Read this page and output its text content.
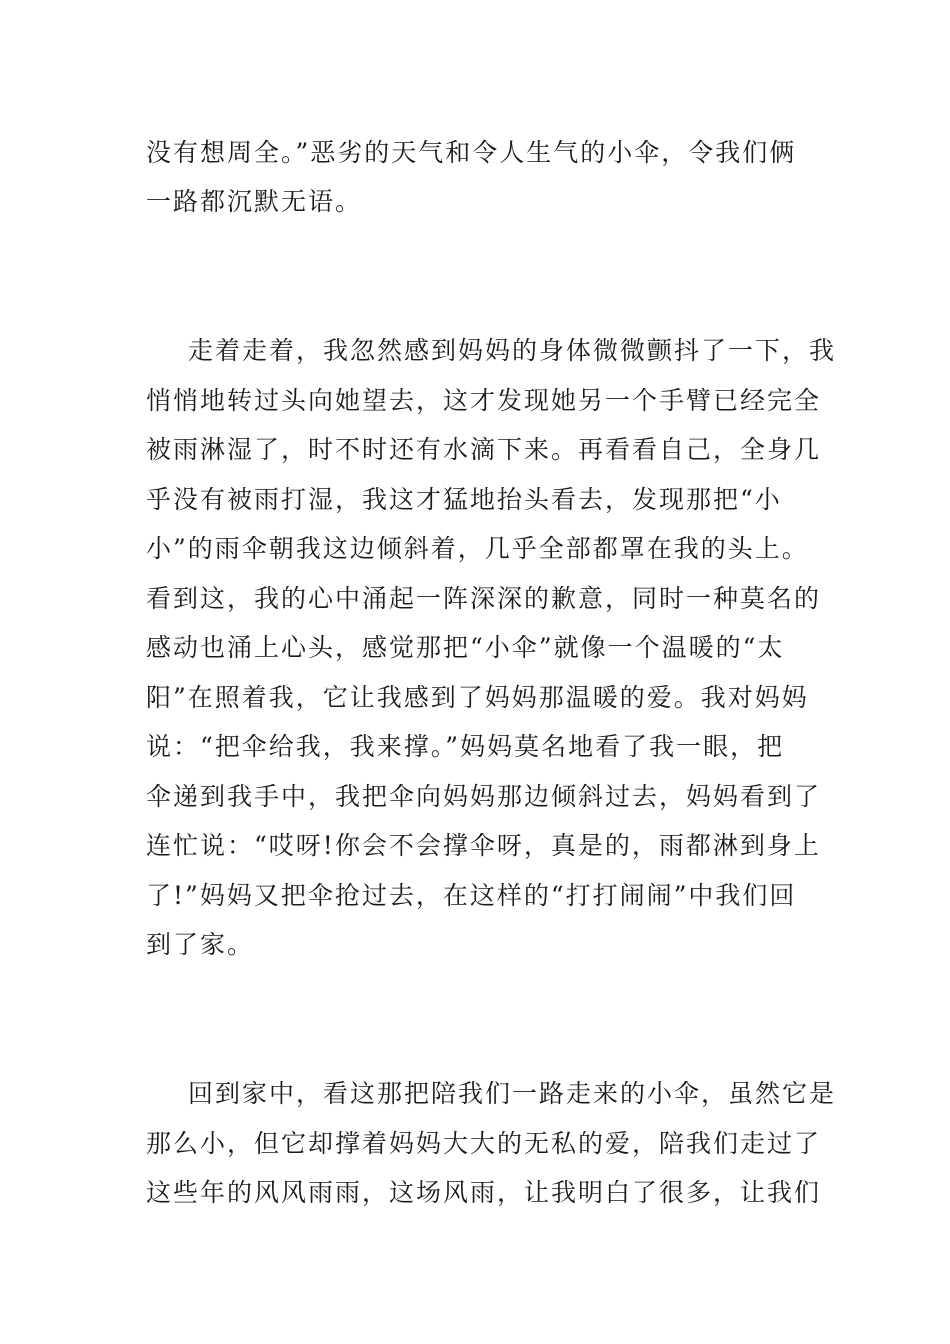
没有想周全。”恶劣的天气和令人生气的小伞，令我们俩
一路都沉默无语。
走着走着，我忽然感到妈妈的身体微微颤抖了一下，我
悄悄地转过头向她望去，这才发现她另一个手臂已经完全
被雨淋湿了，时不时还有水滴下来。再看看自己，全身几
乎没有被雨打湿，我这才猛地抬头看去，发现那把“小
小”的雨伞朝我这边倾斜着，几乎全部都罩在我的头上。
看到这，我的心中涌起一阵深深的歉意，同时一种莫名的
感动也涌上心头，感觉那把“小伞”就像一个温暖的“太
阳”在照着我，它让我感到了妈妈那温暖的爱。我对妈妈
说：“把伞给我，我来撑。”妈妈莫名地看了我一眼，把
伞递到我手中，我把伞向妈妈那边倾斜过去，妈妈看到了
连忙说：“哎呀!你会不会撑伞呀，真是的，雨都淋到身上
了!”妈妈又把伞抢过去，在这样的“打打闹闹”中我们回
到了家。
回到家中，看这那把陪我们一路走来的小伞，虽然它是
那么小，但它却撑着妈妈大大的无私的爱，陪我们走过了
这些年的风风雨雨，这场风雨，让我明白了很多，让我们
